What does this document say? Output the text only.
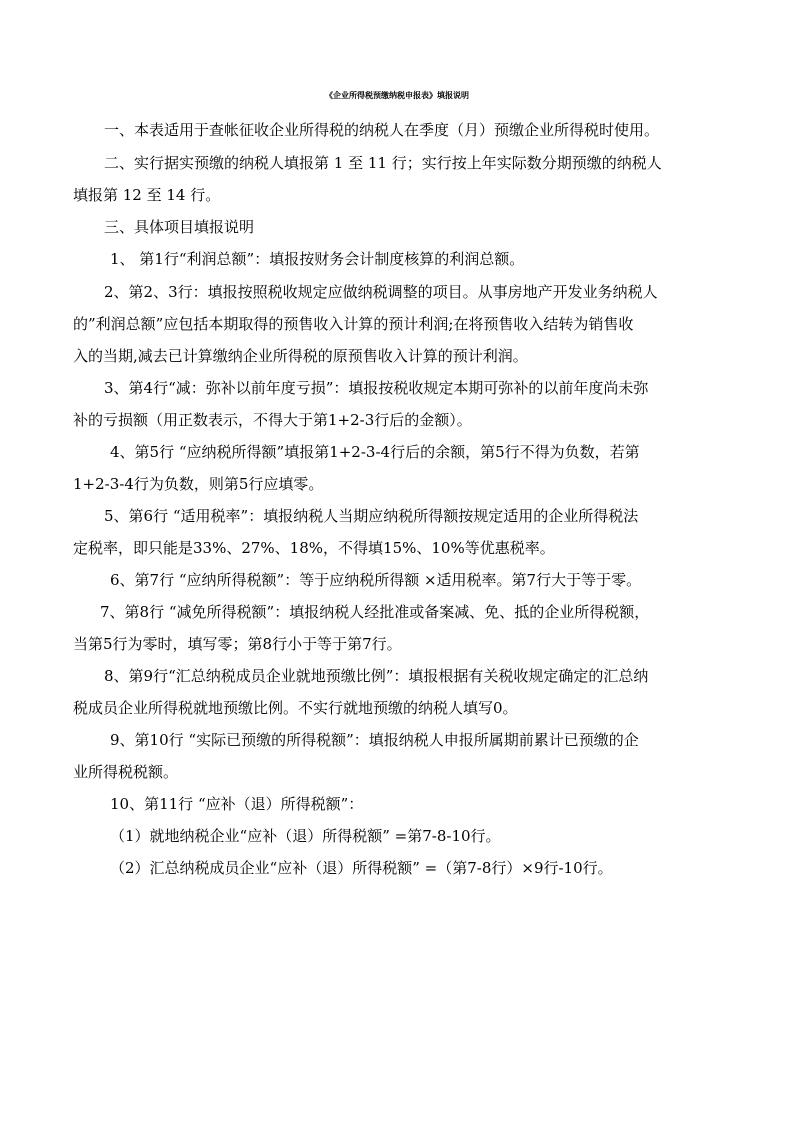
《企业所得税预缴纳税申报表》填报说明
一、本表适用于查帐征收企业所得税的纳税人在季度（月）预缴企业所得税时使用。
二、实行据实预缴的纳税人填报第 1 至 11 行；实行按上年实际数分期预缴的纳税人
填报第 12 至 14 行。
三、具体项目填报说明
1、 第1行“利润总额”：填报按财务会计制度核算的利润总额。
2、第2、3行：填报按照税收规定应做纳税调整的项目。从事房地产开发业务纳税人
的”利润总额”应包括本期取得的预售收入计算的预计利润;在将预售收入结转为销售收
入的当期,减去已计算缴纳企业所得税的原预售收入计算的预计利润。
3、第4行“减：弥补以前年度亏损”：填报按税收规定本期可弥补的以前年度尚未弥
补的亏损额（用正数表示，不得大于第1+2-3行后的金额）。
4、第5行 “应纳税所得额”填报第1+2-3-4行后的余额，第5行不得为负数，若第
1+2-3-4行为负数，则第5行应填零。
5、第6行 “适用税率”：填报纳税人当期应纳税所得额按规定适用的企业所得税法
定税率，即只能是33%、27%、18%，不得填15%、10%等优惠税率。
6、第7行 “应纳所得税额”：等于应纳税所得额 ×适用税率。第7行大于等于零。
7、第8行 “减免所得税额”：填报纳税人经批准或备案减、免、抵的企业所得税额，
当第5行为零时，填写零；第8行小于等于第7行。
8、第9行“汇总纳税成员企业就地预缴比例”：填报根据有关税收规定确定的汇总纳
税成员企业所得税就地预缴比例。不实行就地预缴的纳税人填写0。
9、第10行 “实际已预缴的所得税额”：填报纳税人申报所属期前累计已预缴的企
业所得税税额。
10、第11行 “应补（退）所得税额”：
（1）就地纳税企业“应补（退）所得税额” =第7-8-10行。
（2）汇总纳税成员企业“应补（退）所得税额” =（第7-8行）×9行-10行。
